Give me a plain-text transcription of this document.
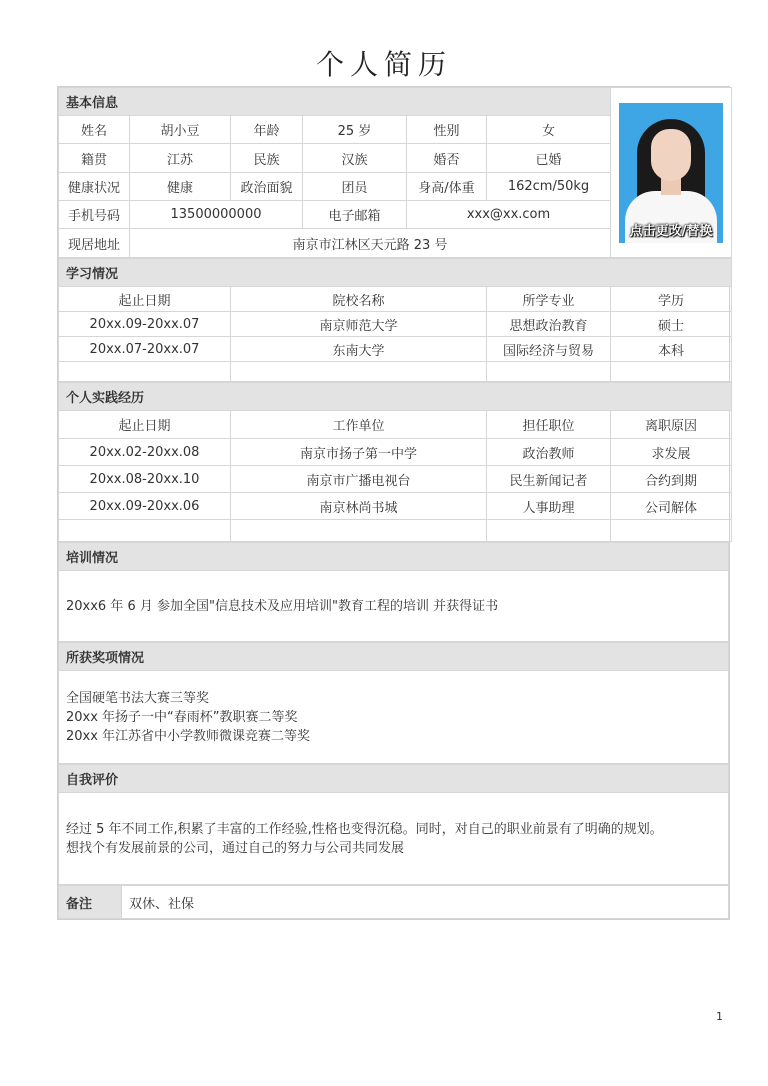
个人简历
基本信息						点击更改/替换

姓名	胡小豆	年龄	25 岁	性别	女	
籍贯	江苏	民族	汉族	婚否	已婚	
健康状况	健康	政治面貌	团员	身高/体重	162cm/50kg	
手机号码	13500000000		电子邮箱	xxx@xx.com		
现居地址	南京市江林区天元路 23 号					
学习情况			
起止日期	院校名称	所学专业	学历
20xx.09-20xx.07	南京师范大学	思想政治教育	硕士
20xx.07-20xx.07	东南大学	国际经济与贸易	本科

个人实践经历			
起止日期	工作单位	担任职位	离职原因
20xx.02-20xx.08	南京市扬子第一中学	政治教师	求发展
20xx.08-20xx.10	南京市广播电视台	民生新闻记者	合约到期
20xx.09-20xx.06	南京林尚书城	人事助理	公司解体

培训情况
20xx6 年 6 月 参加全国"信息技术及应用培训"教育工程的培训 并获得证书
所获奖项情况

全国硬笔书法大赛三等奖
20xx 年扬子一中“春雨杯”教职赛二等奖
20xx 年江苏省中小学教师微课竞赛二等奖
自我评价

经过 5 年不同工作,积累了丰富的工作经验,性格也变得沉稳。同时，对自己的职业前景有了明确的规划。
想找个有发展前景的公司，通过自己的努力与公司共同发展
备注	双休、社保
1
